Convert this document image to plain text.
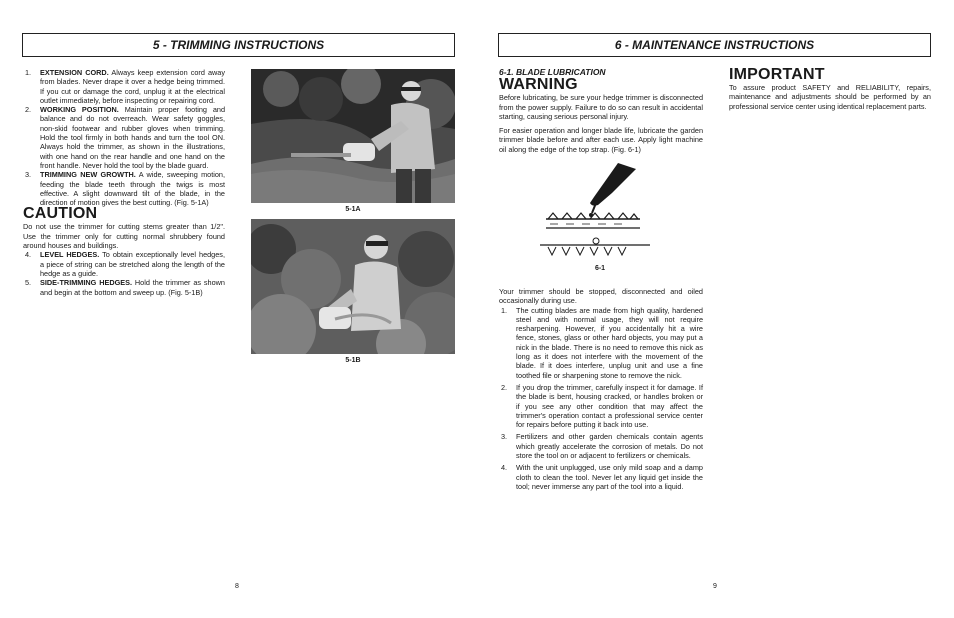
5 - TRIMMING INSTRUCTIONS
1. EXTENSION CORD. Always keep extension cord away from blades. Never drape it over a hedge being trimmed. If you cut or damage the cord, unplug it at the electrical outlet immediately, before inspecting or repairing cord.
2. WORKING POSITION. Maintain proper footing and balance and do not overreach. Wear safety goggles, non-skid footwear and rubber gloves when trimming. Hold the tool firmly in both hands and turn the tool ON. Always hold the trimmer, as shown in the illustrations, with one hand on the rear handle and one hand on the front handle. Never hold the tool by the blade guard.
3. TRIMMING NEW GROWTH. A wide, sweeping motion, feeding the blade teeth through the twigs is most effective. A slight downward tilt of the blade, in the direction of motion gives the best cutting. (Fig. 5-1A)
CAUTION

Do not use the trimmer for cutting stems greater than 1/2". Use the trimmer only for cutting normal shrubbery found around houses and buildings.

4. LEVEL HEDGES. To obtain exceptionally level hedges, a piece of string can be stretched along the length of the hedge as a guide.
5. SIDE-TRIMMING HEDGES. Hold the trimmer as shown and begin at the bottom and sweep up. (Fig. 5-1B)
5-1A
5-1B
8
6 - MAINTENANCE INSTRUCTIONS
6-1. BLADE LUBRICATION
WARNING

Before lubricating, be sure your hedge trimmer is disconnected from the power supply. Failure to do so can result in accidental starting, causing serious personal injury.

For easier operation and longer blade life, lubricate the garden trimmer blade before and after each use. Apply light machine oil along the edge of the top strap. (Fig. 6-1)

6-1

Your trimmer should be stopped, disconnected and oiled occasionally during use.

1. The cutting blades are made from high quality, hardened steel and with normal usage, they will not require resharpening. However, if you accidentally hit a wire fence, stones, glass or other hard objects, you may put a nick in the blade. There is no need to remove this nick as long as it does not interfere with the movement of the blade. If it does interfere, unplug unit and use a fine toothed file or sharpening stone to remove the nick.
2. If you drop the trimmer, carefully inspect it for damage. If the blade is bent, housing cracked, or handles broken or if you see any other condition that may affect the trimmer's operation contact a professional service center for repairs before putting it back into use.
3. Fertilizers and other garden chemicals contain agents which greatly accelerate the corrosion of metals. Do not store the tool on or adjacent to fertilizers or chemicals.
4. With the unit unplugged, use only mild soap and a damp cloth to clean the tool. Never let any liquid get inside the tool; never immerse any part of the tool into a liquid.
IMPORTANT

To assure product SAFETY and RELIABILITY, repairs, maintenance and adjustments should be performed by an professional service center using identical replacement parts.

9
